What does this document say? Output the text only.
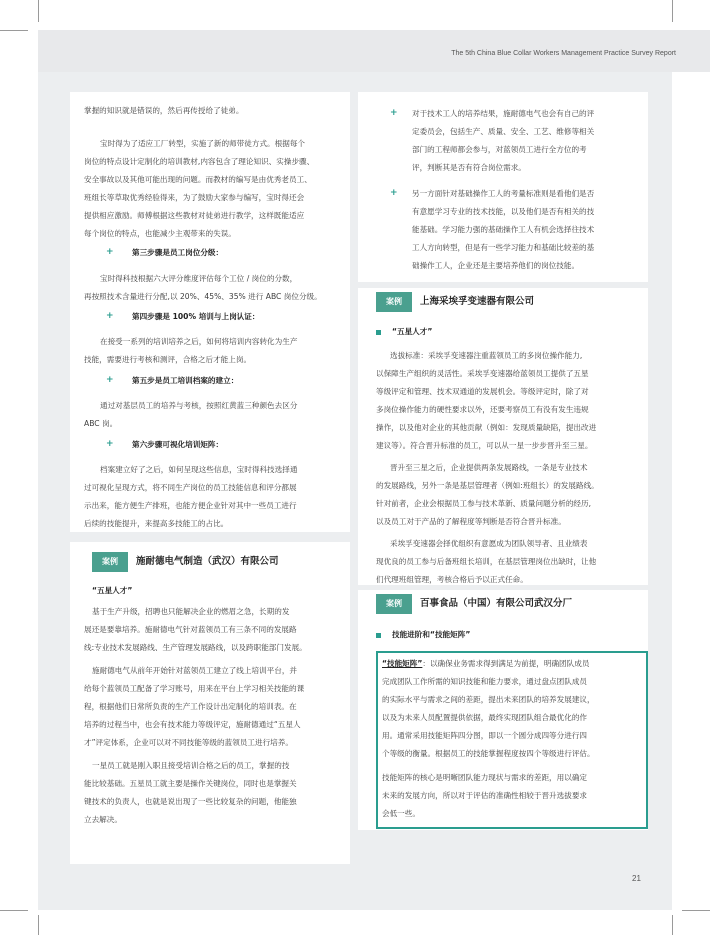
The 5th China Blue Collar Workers Management Practice Survey Report
掌握的知识就是错误的，然后再传授给了徒弟。
宝时得为了适应工厂转型，实施了新的师带徒方式。根据每个
岗位的特点设计定制化的培训教材,内容包含了理论知识、实操步骤、
安全事故以及其他可能出现的问题。而教材的编写是由优秀老员工、
班组长等草取优秀经验得来，为了鼓励大家参与编写，宝时得还会
提供相应激励。师傅根据这些教材对徒弟进行教学，这样既能适应
每个岗位的特点，也能减少主观带来的失误。
+ 第三步骤是员工岗位分级：
宝时得科技根据六大评分维度评估每个工位 / 岗位的分数，
再按照技术含量进行分配,以 20%、45%、35% 进行 ABC 岗位分级。
+ 第四步骤是 100% 培训与上岗认证：
在接受一系列的培训培养之后，如何将培训内容转化为生产
技能，需要进行考核和测评，合格之后才能上岗。
+ 第五步是员工培训档案的建立：
通过对基层员工的培养与考核，按照红黄蓝三种颜色去区分
ABC 岗。
+ 第六步骤可视化培训矩阵：
档案建立好了之后，如何呈现这些信息，宝时得科技选择通
过可视化呈现方式，将不同生产岗位的员工技能信息和评分都展
示出来，能方便生产排班，也能方便企业针对其中一些员工进行
后续的技能提升，来提高多技能工的占比。
案例	施耐德电气制造（武汉）有限公司
“五星人才”
基于生产升级，招聘也只能解决企业的燃眉之急，长期的发
展还是要靠培养。施耐德电气针对蓝领员工有三条不同的发展路
线:专业技术发展路线、生产管理发展路线，以及跨职能部门发展。
施耐德电气从前年开始针对蓝领员工建立了线上培训平台，并
给每个蓝领员工配备了学习账号，用来在平台上学习相关技能的课
程，根据他们日常所负责的生产工作设计出定制化的培训表。在
培养的过程当中，也会有技术能力等级评定，施耐德通过“五星人
才”评定体系，企业可以对不同技能等级的蓝领员工进行培养。
一星员工就是刚入职且接受培训合格之后的员工，掌握的技
能比较基础。五星员工就主要是操作关键岗位，同时也是掌握关
键技术的负责人，也就是说出现了一些比较复杂的问题，他能独
立去解决。
+ 对于技术工人的培养结果，施耐德电气也会有自己的评
定委员会，包括生产、质量、安全、工艺、维修等相关
部门的工程师都会参与，对蓝领员工进行全方位的考
评，判断其是否有符合岗位需求。
+ 另一方面针对基础操作工人的考量标准则是看他们是否
有意愿学习专业的技术技能，以及他们是否有相关的技
能基础。学习能力强的基础操作工人有机会选择往技术
工人方向转型，但是有一些学习能力和基础比较差的基
础操作工人，企业还是主要培养他们的岗位技能。
案例	上海采埃孚变速器有限公司
“五星人才”
选拔标准：采埃孚变速器注重蓝领员工的多岗位操作能力,
以保障生产组织的灵活性。采埃孚变速器给蓝领员工提供了五星
等级评定和管理、技术双通道的发展机会。等级评定时，除了对
多岗位操作能力的硬性要求以外，还要考察员工有没有发生违规
操作，以及他对企业的其他贡献（例如：发现质量缺陷，提出改进
建议等）。符合晋升标准的员工，可以从一星一步步晋升至三星。
晋升至三星之后，企业提供两条发展路线，一条是专业技术
的发展路线，另外一条是基层管理者（例如:班组长）的发展路线。
针对前者，企业会根据员工参与技术革新、质量问题分析的经历,
以及员工对于产品的了解程度等判断是否符合晋升标准。
采埃孚变速器会择优组织有意愿成为团队领导者、且业绩表
现优良的员工参与后备班组长培训，在基层管理岗位出缺时，让他
们代理班组管理，考核合格后予以正式任命。
案例	百事食品（中国）有限公司武汉分厂
技能进阶和“技能矩阵”
“技能矩阵”：以确保业务需求得到满足为前提，明确团队成员
完成团队工作所需的知识技能和能力要求，通过盘点团队成员
的实际水平与需求之间的差距，提出未来团队的培养发展建议，
以及为未来人员配置提供依据，最终实现团队组合最优化的作
用。通常采用技能矩阵四分图，即以一个圆分成四等分进行四
个等级的衡量。根据员工的技能掌握程度按四个等级进行评估。
技能矩阵的核心是明晰团队能力现状与需求的差距，用以确定
未来的发展方向，所以对于评估的准确性相较于晋升选拔要求
会低一些。
21
